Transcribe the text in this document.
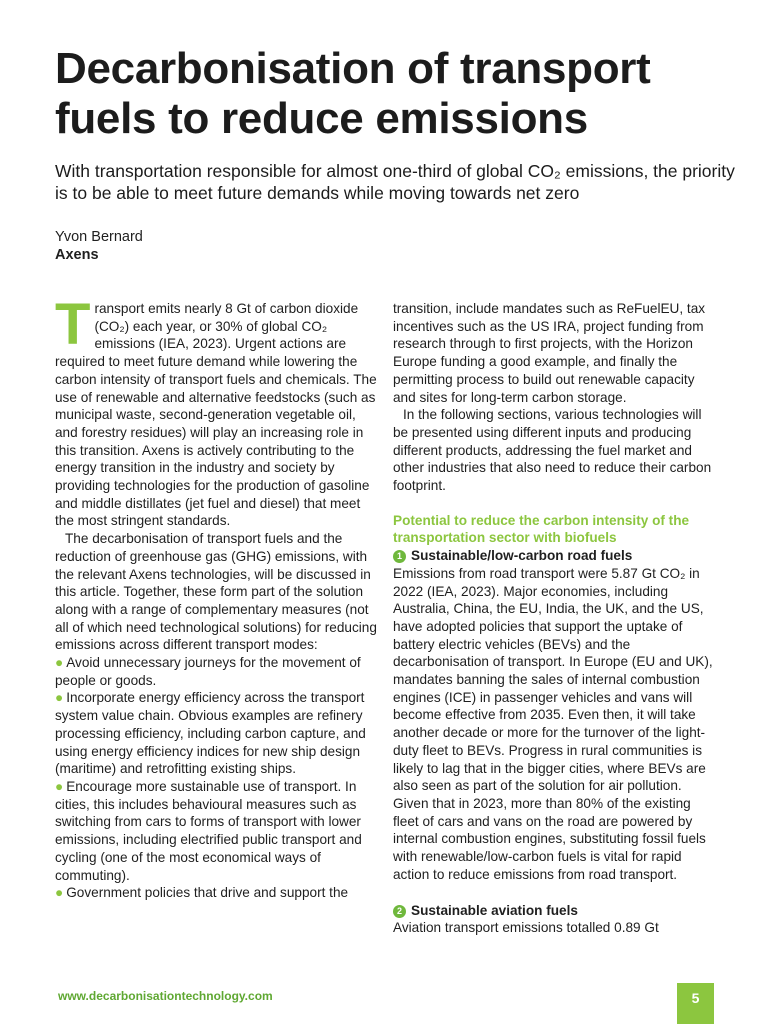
Decarbonisation of transport fuels to reduce emissions

With transportation responsible for almost one-third of global CO₂ emissions, the priority is to be able to meet future demands while moving towards net zero

Yvon Bernard
Axens

Transport emits nearly 8 Gt of carbon dioxide (CO₂) each year, or 30% of global CO₂ emissions (IEA, 2023). Urgent actions are required to meet future demand while lowering the carbon intensity of transport fuels and chemicals. The use of renewable and alternative feedstocks (such as municipal waste, second-generation vegetable oil, and forestry residues) will play an increasing role in this transition. Axens is actively contributing to the energy transition in the industry and society by providing technologies for the production of gasoline and middle distillates (jet fuel and diesel) that meet the most stringent standards.

The decarbonisation of transport fuels and the reduction of greenhouse gas (GHG) emissions, with the relevant Axens technologies, will be discussed in this article. Together, these form part of the solution along with a range of complementary measures (not all of which need technological solutions) for reducing emissions across different transport modes:

● Avoid unnecessary journeys for the movement of people or goods.

● Incorporate energy efficiency across the transport system value chain. Obvious examples are refinery processing efficiency, including carbon capture, and using energy efficiency indices for new ship design (maritime) and retrofitting existing ships.

● Encourage more sustainable use of transport. In cities, this includes behavioural measures such as switching from cars to forms of transport with lower emissions, including electrified public transport and cycling (one of the most economical ways of commuting).

● Government policies that drive and support the

transition, include mandates such as ReFuelEU, tax incentives such as the US IRA, project funding from research through to first projects, with the Horizon Europe funding a good example, and finally the permitting process to build out renewable capacity and sites for long-term carbon storage.

In the following sections, various technologies will be presented using different inputs and producing different products, addressing the fuel market and other industries that also need to reduce their carbon footprint.

Potential to reduce the carbon intensity of the transportation sector with biofuels

1 Sustainable/low-carbon road fuels

Emissions from road transport were 5.87 Gt CO₂ in 2022 (IEA, 2023). Major economies, including Australia, China, the EU, India, the UK, and the US, have adopted policies that support the uptake of battery electric vehicles (BEVs) and the decarbonisation of transport. In Europe (EU and UK), mandates banning the sales of internal combustion engines (ICE) in passenger vehicles and vans will become effective from 2035. Even then, it will take another decade or more for the turnover of the light-duty fleet to BEVs. Progress in rural communities is likely to lag that in the bigger cities, where BEVs are also seen as part of the solution for air pollution. Given that in 2023, more than 80% of the existing fleet of cars and vans on the road are powered by internal combustion engines, substituting fossil fuels with renewable/low-carbon fuels is vital for rapid action to reduce emissions from road transport.

2 Sustainable aviation fuels

Aviation transport emissions totalled 0.89 Gt

www.decarbonisationtechnology.com	5
